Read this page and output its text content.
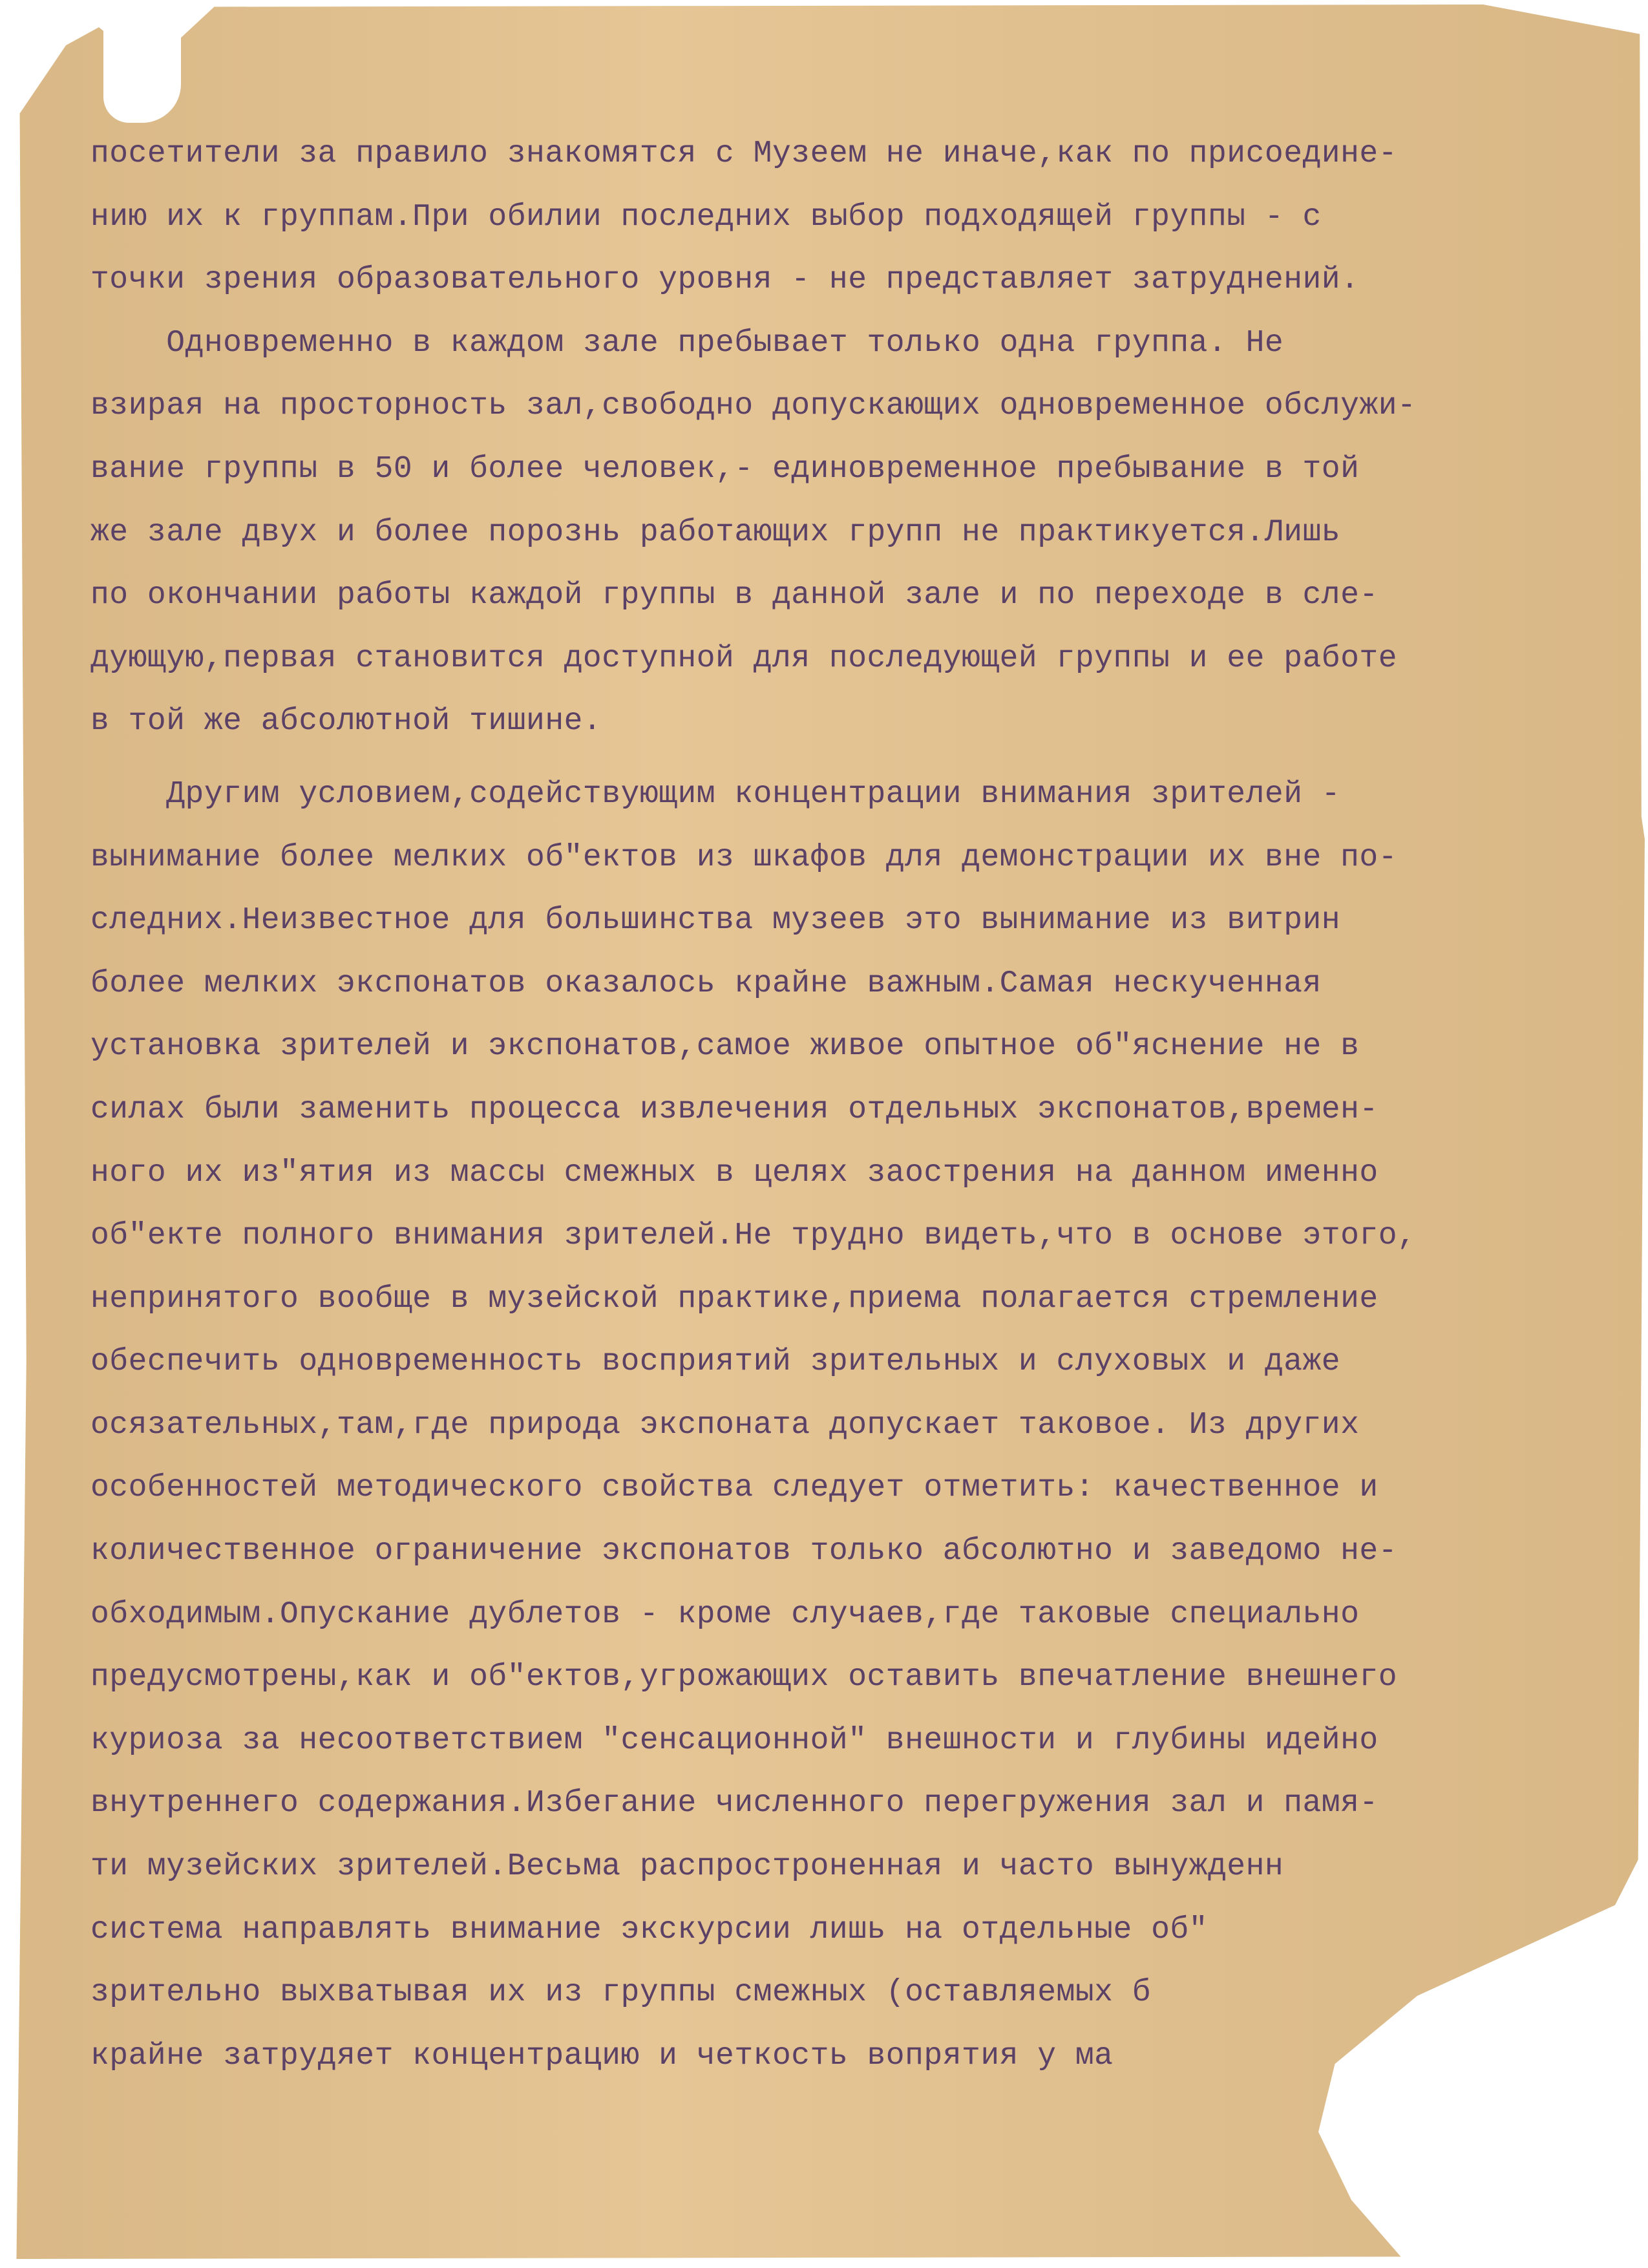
посетители за правило знакомятся с Музеем не иначе,как по присоедине-
нию их к группам.При обилии последних выбор подходящей группы - с
точки зрения образовательного уровня - не представляет затруднений.
Одновременно в каждом зале пребывает только одна группа. Не
взирая на просторность зал,свободно допускающих одновременное обслужи-
вание группы в 50 и более человек,- единовременное пребывание в той
же зале двух и более порознь работающих групп не практикуется.Лишь
по окончании работы каждой группы в данной зале и по переходе в сле-
дующую,первая становится доступной для последующей группы и ее работе
в той же абсолютной тишине.
Другим условием,содействующим концентрации внимания зрителей -
вынимание более мелких об"ектов из шкафов для демонстрации их вне по-
следних.Неизвестное для большинства музеев это вынимание из витрин
более мелких экспонатов оказалось крайне важным.Самая нескученная
установка зрителей и экспонатов,самое живое опытное об"яснение не в
силах были заменить процесса извлечения отдельных экспонатов,времен-
ного их из"ятия из массы смежных в целях заострения на данном именно
об"екте полного внимания зрителей.Не трудно видеть,что в основе этого,
непринятого вообще в музейской практике,приема полагается стремление
обеспечить одновременность восприятий зрительных и слуховых и даже
осязательных,там,где природа экспоната допускает таковое. Из других
особенностей методического свойства следует отметить: качественное и
количественное ограничение экспонатов только абсолютно и заведомо не-
обходимым.Опускание дублетов - кроме случаев,где таковые специально
предусмотрены,как и об"ектов,угрожающих оставить впечатление внешнего
куриоза за несоответствием "сенсационной" внешности и глубины идейно
внутреннего содержания.Избегание численного перегружения зал и памя-
ти музейских зрителей.Весьма распростроненная и часто вынужденн
система направлять внимание экскурсии лишь на отдельные об"
зрительно выхватывая их из группы смежных (оставляемых б
крайне затрудяет концентрацию и четкость вопрятия у ма
